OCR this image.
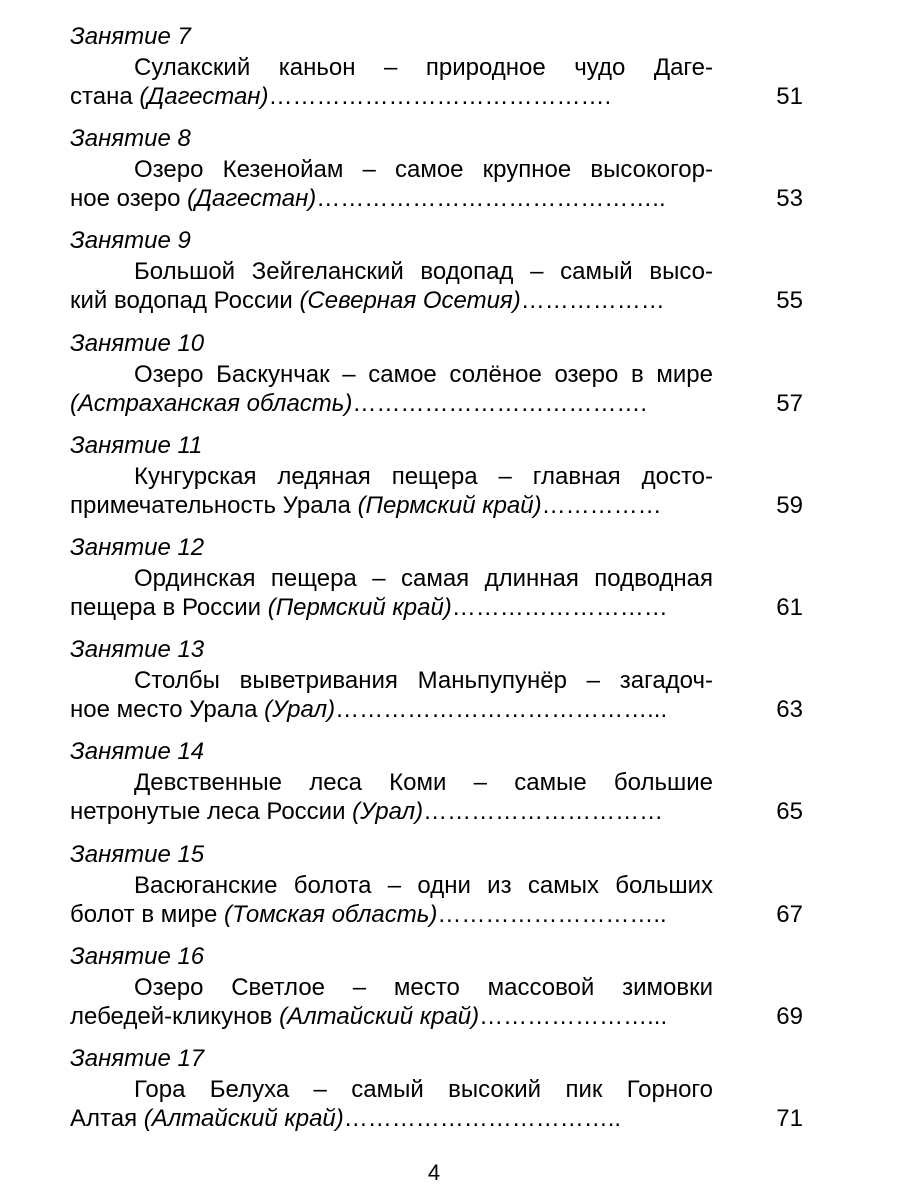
Занятие 7
Сулакский каньон – природное чудо Даге-
стана (Дагестан)…………………………………….	51
Занятие 8
Озеро Кезенойам – самое крупное высокогор-
ное озеро (Дагестан)……………………………………..	53
Занятие 9
Большой Зейгеланский водопад – самый высо-
кий водопад России (Северная Осетия)………………	55
Занятие 10
Озеро Баскунчак – самое солёное озеро в мире
(Астраханская область)……………………………….	57
Занятие 11
Кунгурская ледяная пещера – главная досто-
примечательность Урала (Пермский край)……………	59
Занятие 12
Ординская пещера – самая длинная подводная
пещера в России (Пермский край)………………………	61
Занятие 13
Столбы выветривания Маньпупунёр – загадоч-
ное место Урала (Урал)…………………………………...	63
Занятие 14
Девственные леса Коми – самые большие
нетронутые леса России (Урал)…………………………	65
Занятие 15
Васюганские болота – одни из самых больших
болот в мире (Томская область)………………………..	67
Занятие 16
Озеро Светлое – место массовой зимовки
лебедей-кликунов (Алтайский край)…………………...	69
Занятие 17
Гора Белуха – самый высокий пик Горного
Алтая (Алтайский край)……………………………..	71
4
